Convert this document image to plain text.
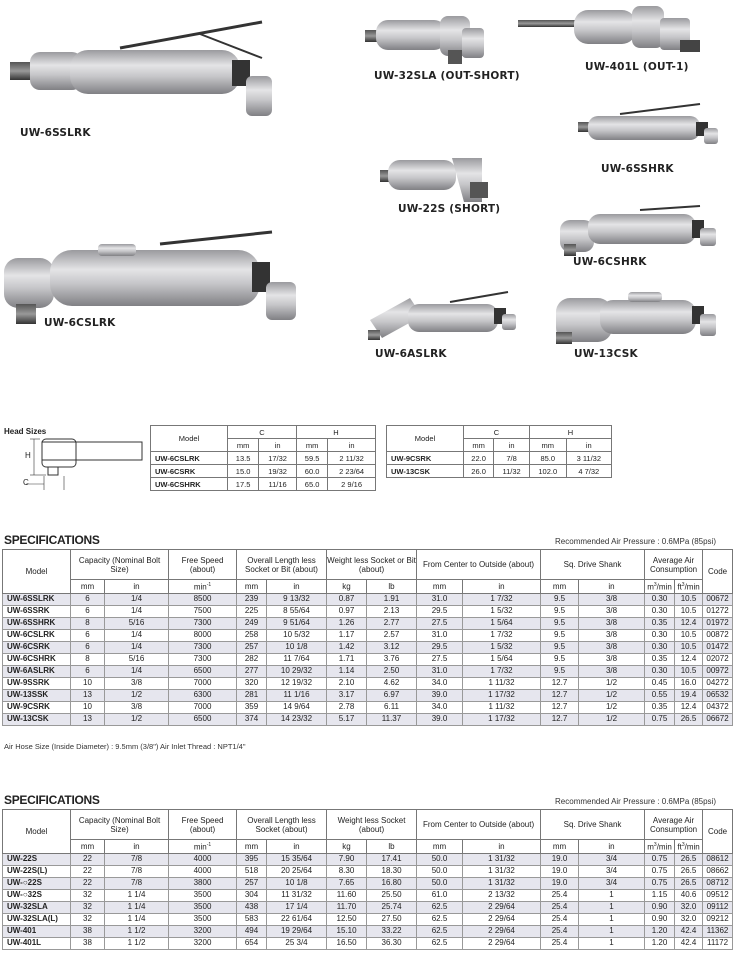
UW-6SSLRK
UW-6CSLRK
UW-32SLA (OUT-SHORT)
UW-401L (OUT-1)
UW-6SSHRK
UW-22S (SHORT)
UW-6CSHRK
UW-6ASLRK	UW-13CSK
Head Sizes
H
C
Model	C		H	
	mm	in	mm	in
UW-6CSLRK	13.5	17/32	59.5	2 11/32
UW-6CSRK	15.0	19/32	60.0	2 23/64
UW-6CSHRK	17.5	11/16	65.0	2 9/16
Model	C		H	
	mm	in	mm	in
UW-9CSRK	22.0	7/8	85.0	3 11/32
UW-13CSK	26.0	11/32	102.0	4 7/32
SPECIFICATIONS	Recommended Air Pressure : 0.6MPa (85psi)
Model	Capacity (Nominal Bolt Size)		Free Speed (about)	Overall Length less Socket or Bit (about)		Weight less Socket or Bit (about)		From Center to Outside (about)		Sq. Drive Shank		Average Air Consumption		Code
	mm	in	$\min^{-1}$	mm	in	kg	lb	mm	in	mm	in	$m^3/\min$	$ft^3/\min$	
UW-6SSLRK	6	1/4	8500	239	9 13/32	0.87	1.91	31.0	1 7/32	9.5	3/8	0.30	10.5	00672
UW-6SSRK	6	1/4	7500	225	8 55/64	0.97	2.13	29.5	1 5/32	9.5	3/8	0.30	10.5	01272
UW-6SSHRK	8	5/16	7300	249	9 51/64	1.26	2.77	27.5	1 5/64	9.5	3/8	0.35	12.4	01972
UW-6CSLRK	6	1/4	8000	258	10 5/32	1.17	2.57	31.0	1 7/32	9.5	3/8	0.30	10.5	00872
UW-6CSRK	6	1/4	7300	257	10 1/8	1.42	3.12	29.5	1 5/32	9.5	3/8	0.30	10.5	01472
UW-6CSHRK	8	5/16	7300	282	11 7/64	1.71	3.76	27.5	1 5/64	9.5	3/8	0.35	12.4	02072
UW-6ASLRK	6	1/4	6500	277	10 29/32	1.14	2.50	31.0	1 7/32	9.5	3/8	0.30	10.5	00972
UW-9SSRK	10	3/8	7000	320	12 19/32	2.10	4.62	34.0	1 11/32	12.7	1/2	0.45	16.0	04272
UW-13SSK	13	1/2	6300	281	11 1/16	3.17	6.97	39.0	1 17/32	12.7	1/2	0.55	19.4	06532
UW-9CSRK	10	3/8	7000	359	14 9/64	2.78	6.11	34.0	1 11/32	12.7	1/2	0.35	12.4	04372
UW-13CSK	13	1/2	6500	374	14 23/32	5.17	11.37	39.0	1 17/32	12.7	1/2	0.75	26.5	06672
Air Hose Size (Inside Diameter) : 9.5mm (3/8") Air Inlet Thread : NPT1/4"
SPECIFICATIONS	Recommended Air Pressure : 0.6MPa (85psi)
Model	Capacity (Nominal Bolt Size)		Free Speed (about)	Overall Length less Socket (about)		Weight less Socket (about)		From Center to Outside (about)		Sq. Drive Shank		Average Air Consumption		Code
	mm	in	$\min^{-1}$	mm	in	kg	lb	mm	in	mm	in	$m^3/\min$	$ft^3/\min$	
UW-22S	22	7/8	4000	395	15 35/64	7.90	17.41	50.0	1 31/32	19.0	3/4	0.75	26.5	08612
UW-22S(L)	22	7/8	4000	518	20 25/64	8.30	18.30	50.0	1 31/32	19.0	3/4	0.75	26.5	08662
UW-○22S	22	7/8	3800	257	10 1/8	7.65	16.80	50.0	1 31/32	19.0	3/4	0.75	26.5	08712
UW-○32S	32	1 1/4	3500	304	11 31/32	11.60	25.50	61.0	2 13/32	25.4	1	1.15	40.6	09512
UW-32SLA	32	1 1/4	3500	438	17 1/4	11.70	25.74	62.5	2 29/64	25.4	1	0.90	32.0	09112
UW-32SLA(L)	32	1 1/4	3500	583	22 61/64	12.50	27.50	62.5	2 29/64	25.4	1	0.90	32.0	09212
UW-401	38	1 1/2	3200	494	19 29/64	15.10	33.22	62.5	2 29/64	25.4	1	1.20	42.4	11362
UW-401L	38	1 1/2	3200	654	25 3/4	16.50	36.30	62.5	2 29/64	25.4	1	1.20	42.4	11172
